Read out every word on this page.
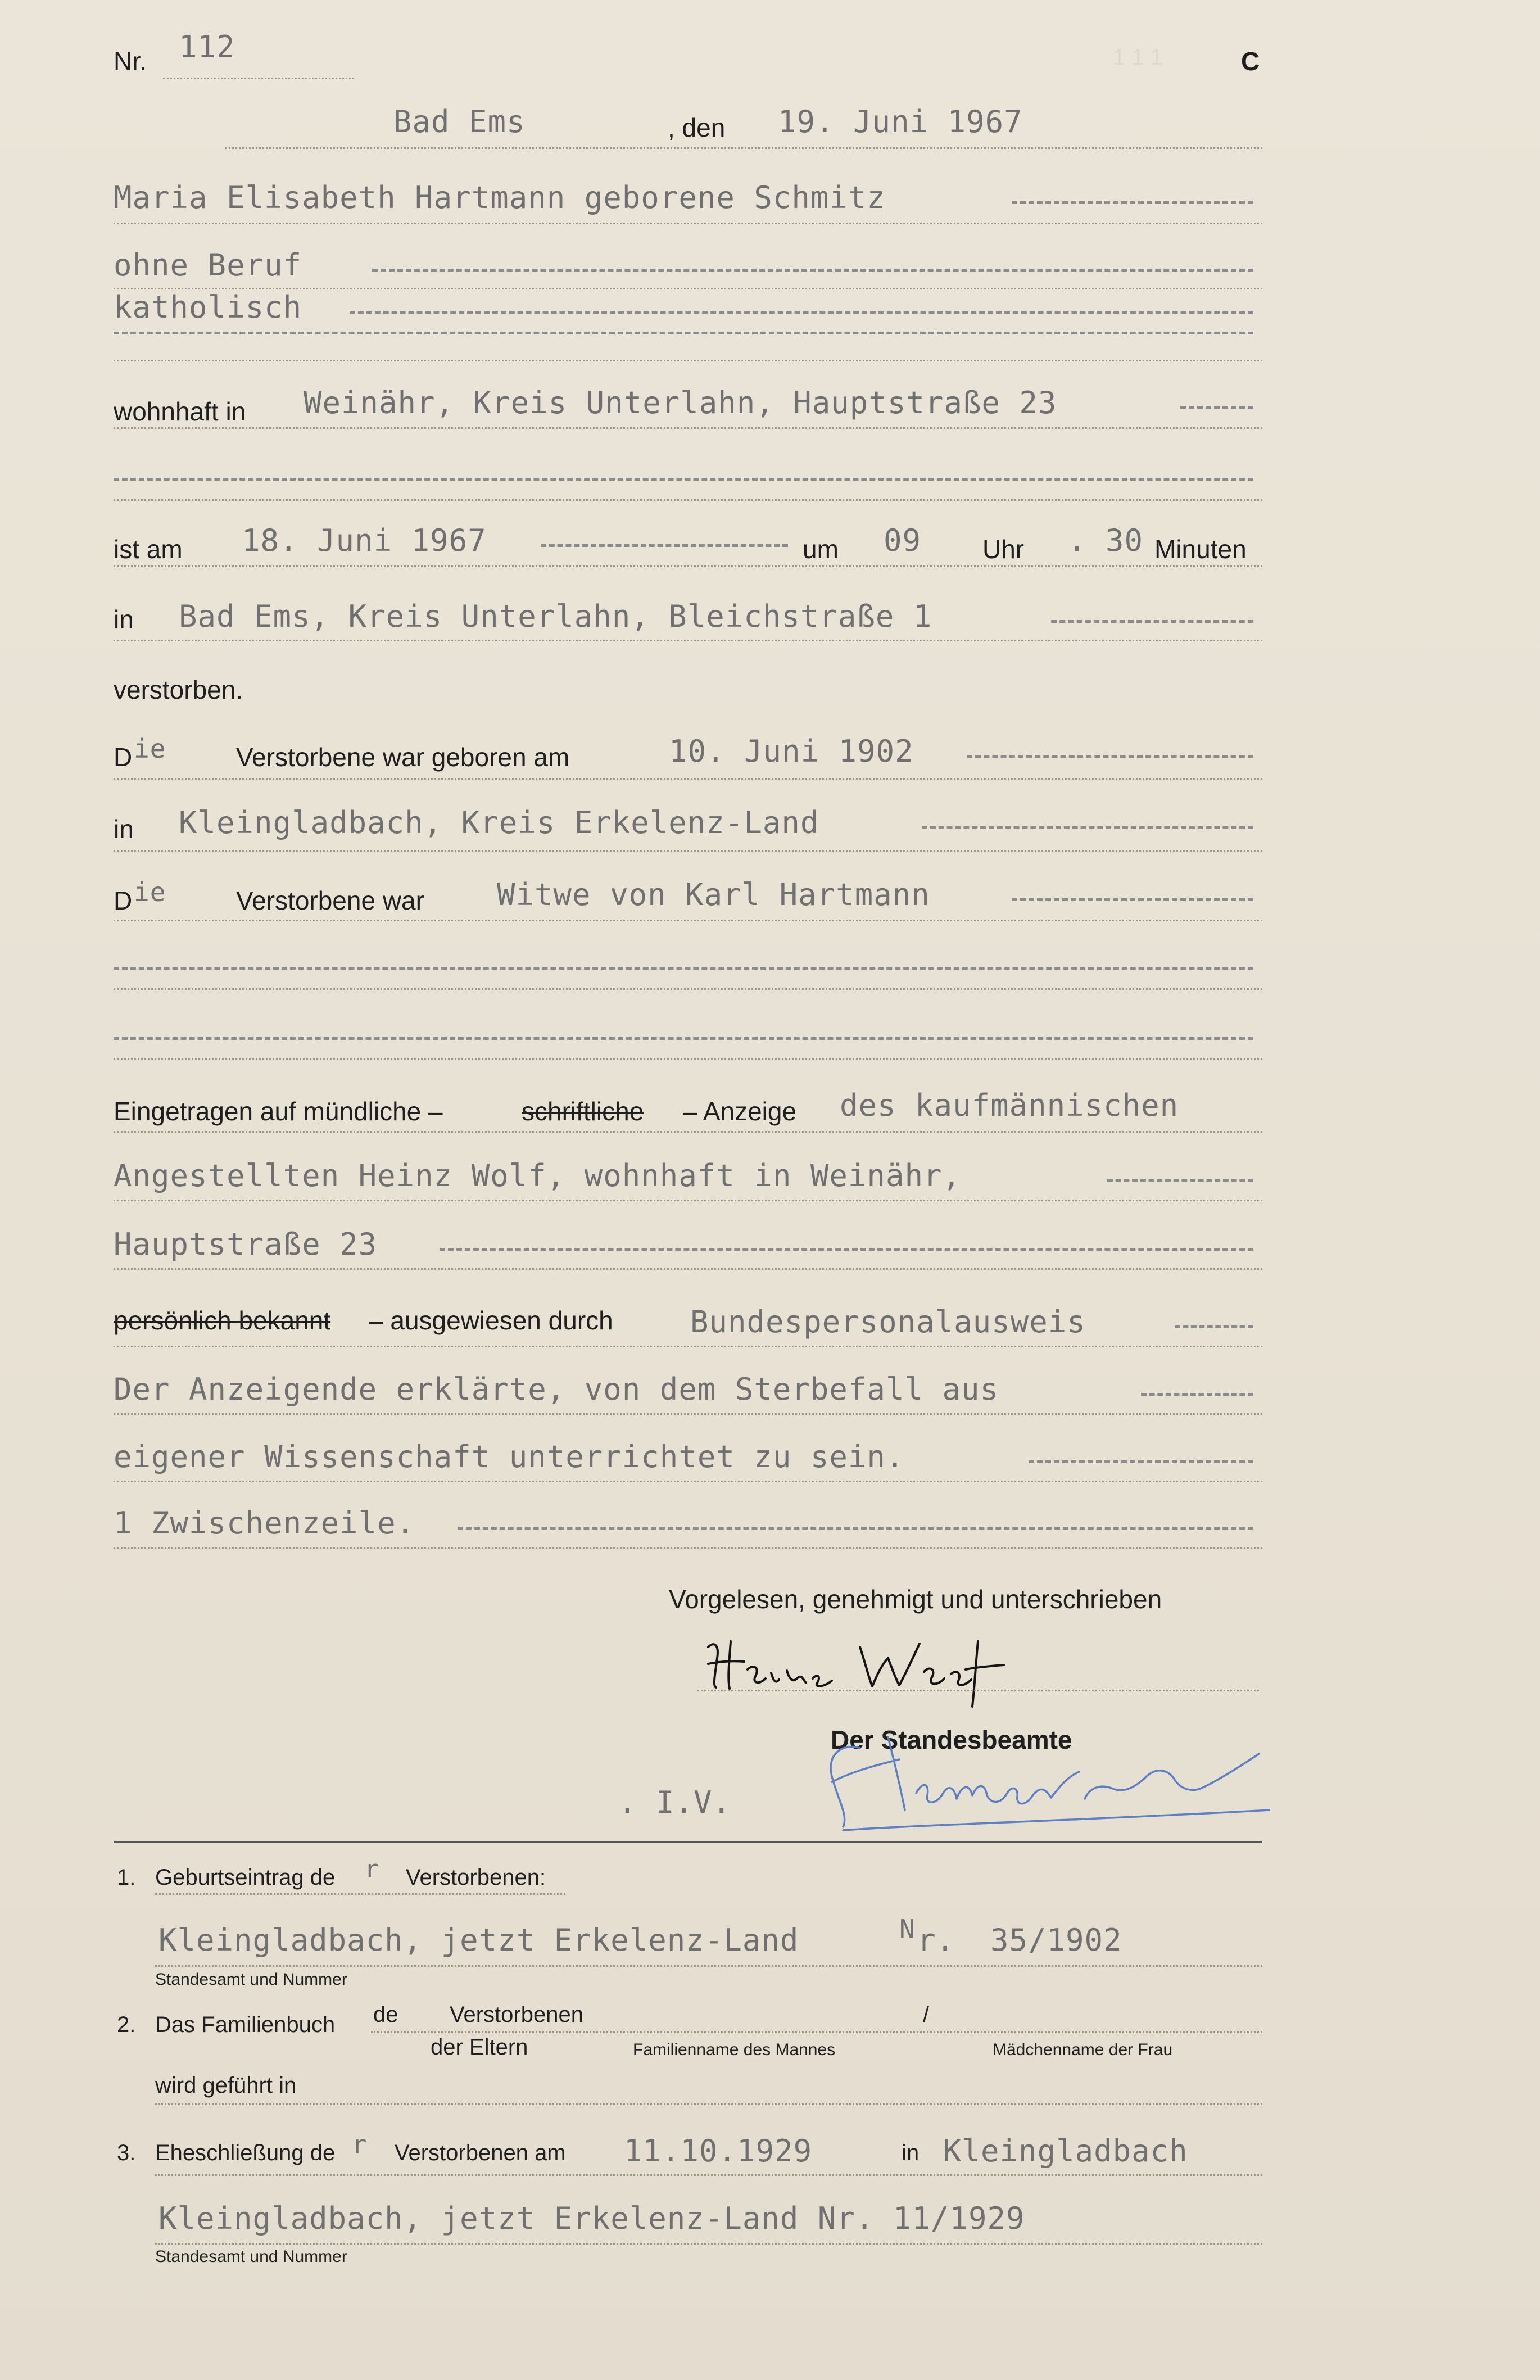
1 1 1
Nr. 112	C
Bad Ems	, den 19. Juni 1967
Maria Elisabeth Hartmann geborene Schmitz
ohne Beruf
katholisch
wohnhaft in Weinähr, Kreis Unterlahn, Hauptstraße 23
ist am 18. Juni 1967	um 09 Uhr . 30 Minuten
in Bad Ems, Kreis Unterlahn, Bleichstraße 1
verstorben.
D ie	Verstorbene war geboren am	10. Juni 1902
in Kleingladbach, Kreis Erkelenz-Land
D ie	Verstorbene war Witwe von Karl Hartmann
Eingetragen auf mündliche –	schriftliche – Anzeige des kaufmännischen
Angestellten Heinz Wolf, wohnhaft in Weinähr,
Hauptstraße 23
persönlich bekannt – ausgewiesen durch	Bundespersonalausweis
Der Anzeigende erklärte, von dem Sterbefall aus
eigener Wissenschaft unterrichtet zu sein.
1 Zwischenzeile.
Vorgelesen, genehmigt und unterschrieben
Der Standesbeamte
. I.V.
1. Geburtseintrag de r Verstorbenen:
Kleingladbach, jetzt Erkelenz-Land	N r. 35/1902
Standesamt und Nummer
2. Das Familienbuch de Verstorbenen	/
der Eltern	Familienname des Mannes	Mädchenname der Frau
wird geführt in
3. Eheschließung de r Verstorbenen am 11.10.1929	in Kleingladbach
Kleingladbach, jetzt Erkelenz-Land Nr. 11/1929
Standesamt und Nummer
